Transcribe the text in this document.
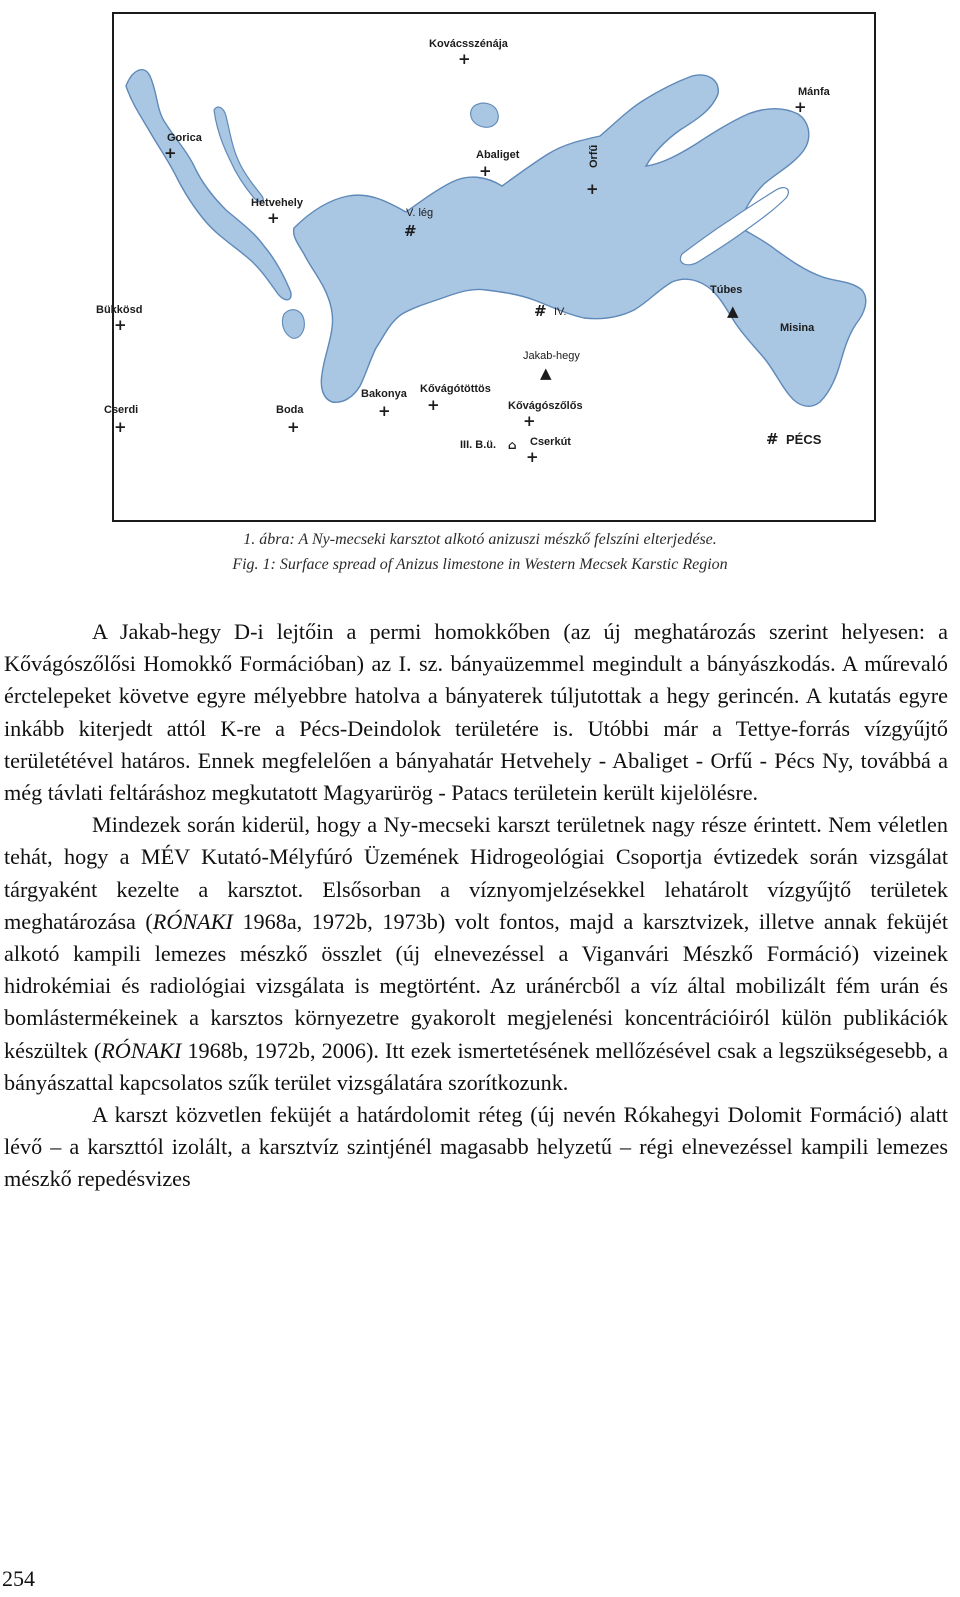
Kovácsszénája
+
Mánfa
+
Gorica
+	Abaliget
+
Orfű
+
Hetvehely
+	V. lég
#
Túbes
▲
Misina
Bükkösd
+
# IV.
Jakab-hegy
▲
Bakonya
+
Kővágótöttös
+
Cserdi
+
Boda
+
Kővágószőlős
+
III. B.ü. ⌂ Cserkút
+
# PÉCS
1. ábra: A Ny-mecseki karsztot alkotó anizuszi mészkő felszíni elterjedése.
Fig. 1: Surface spread of Anizus limestone in Western Mecsek Karstic Region

A Jakab-hegy D-i lejtőin a permi homokkőben (az új meghatározás szerint helyesen: a Kővágószőlősi Homokkő Formációban) az I. sz. bányaüzemmel megindult a bányászkodás. A műrevaló érctelepeket követve egyre mélyebbre hatolva a bányaterek túljutottak a hegy gerincén. A kutatás egyre inkább kiterjedt attól K-re a Pécs-Deindolok területére is. Utóbbi már a Tettye-forrás vízgyűjtő területétével határos. Ennek megfelelően a bányahatár Hetvehely - Abaliget - Orfű - Pécs Ny, továbbá a még távlati feltáráshoz megkutatott Magyarürög - Patacs területein került kijelölésre.

Mindezek során kiderül, hogy a Ny-mecseki karszt területnek nagy része érintett. Nem véletlen tehát, hogy a MÉV Kutató-Mélyfúró Üzemének Hidrogeológiai Csoportja évtizedek során vizsgálat tárgyaként kezelte a karsztot. Elsősorban a víznyomjelzésekkel lehatárolt vízgyűjtő területek meghatározása (RÓNAKI 1968a, 1972b, 1973b) volt fontos, majd a karsztvizek, illetve annak feküjét alkotó kampili lemezes mészkő összlet (új elnevezéssel a Viganvári Mészkő Formáció) vizeinek hidrokémiai és radiológiai vizsgálata is megtörtént. Az uránércből a víz által mobilizált fém urán és bomlástermékeinek a karsztos környezetre gyakorolt megjelenési koncentrációiról külön publikációk készültek (RÓNAKI 1968b, 1972b, 2006). Itt ezek ismertetésének mellőzésével csak a legszükségesebb, a bányászattal kapcsolatos szűk terület vizsgálatára szorítkozunk.

A karszt közvetlen feküjét a határdolomit réteg (új nevén Rókahegyi Dolomit Formáció) alatt lévő – a karszttól izolált, a karsztvíz szintjénél magasabb helyzetű – régi elnevezéssel kampili lemezes mészkő repedésvizes

254
